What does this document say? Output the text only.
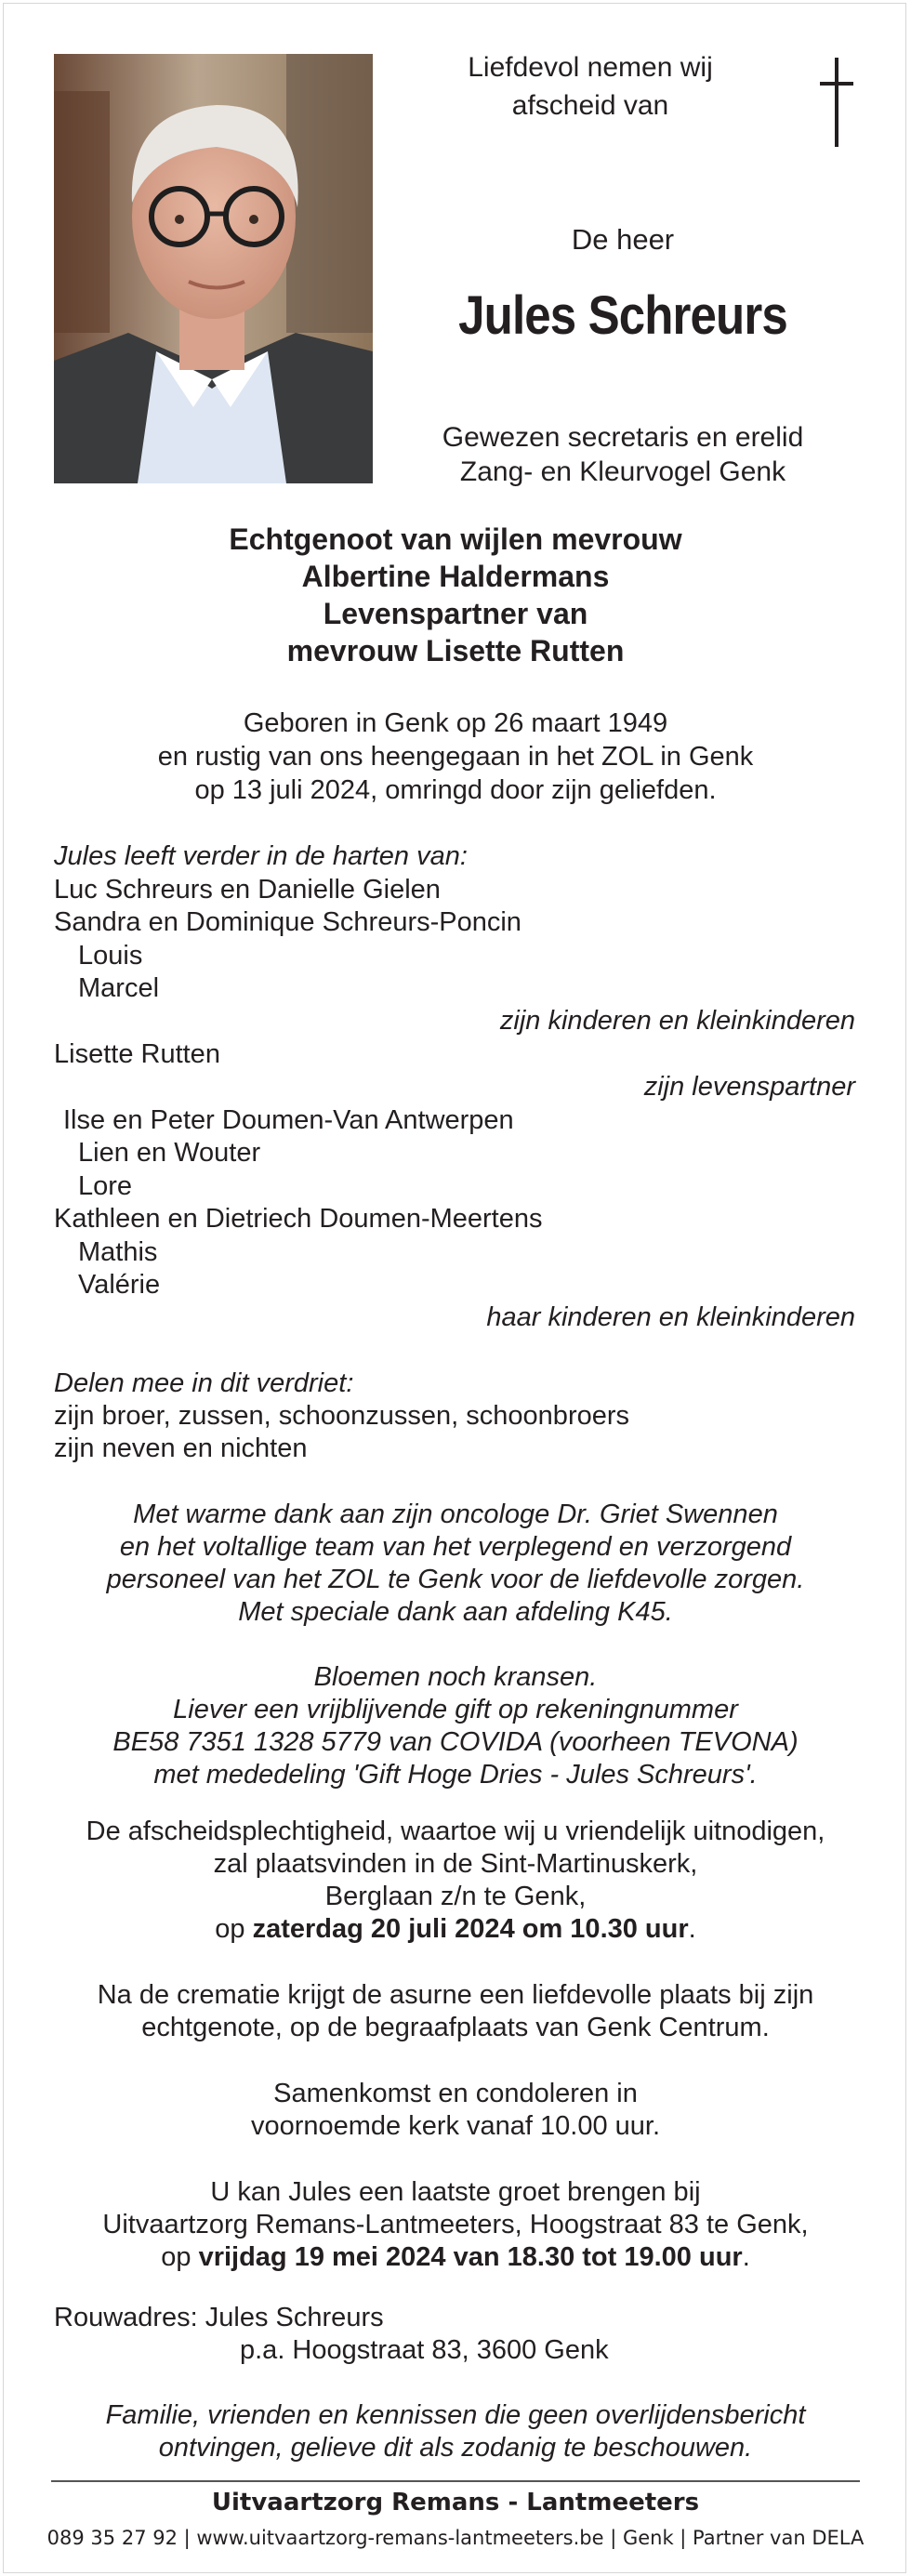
Liefdevol nemen wij
afscheid van
De heer
Jules Schreurs
Gewezen secretaris en erelid
Zang- en Kleurvogel Genk
Echtgenoot van wijlen mevrouw
Albertine Haldermans
Levenspartner van
mevrouw Lisette Rutten
Geboren in Genk op 26 maart 1949
en rustig van ons heengegaan in het ZOL in Genk
op 13 juli 2024, omringd door zijn geliefden.
Jules leeft verder in de harten van:
Luc Schreurs en Danielle Gielen
Sandra en Dominique Schreurs-Poncin
Louis
Marcel
zijn kinderen en kleinkinderen
Lisette Rutten
zijn levenspartner
Ilse en Peter Doumen-Van Antwerpen
Lien en Wouter
Lore
Kathleen en Dietriech Doumen-Meertens
Mathis
Valérie
haar kinderen en kleinkinderen
Delen mee in dit verdriet:
zijn broer, zussen, schoonzussen, schoonbroers
zijn neven en nichten
Met warme dank aan zijn oncologe Dr. Griet Swennen
en het voltallige team van het verplegend en verzorgend
personeel van het ZOL te Genk voor de liefdevolle zorgen.
Met speciale dank aan afdeling K45.
Bloemen noch kransen.
Liever een vrijblijvende gift op rekeningnummer
BE58 7351 1328 5779 van COVIDA (voorheen TEVONA)
met mededeling 'Gift Hoge Dries - Jules Schreurs'.
De afscheidsplechtigheid, waartoe wij u vriendelijk uitnodigen,
zal plaatsvinden in de Sint-Martinuskerk,
Berglaan z/n te Genk,
op zaterdag 20 juli 2024 om 10.30 uur.
Na de crematie krijgt de asurne een liefdevolle plaats bij zijn
echtgenote, op de begraafplaats van Genk Centrum.
Samenkomst en condoleren in
voornoemde kerk vanaf 10.00 uur.
U kan Jules een laatste groet brengen bij
Uitvaartzorg Remans-Lantmeeters, Hoogstraat 83 te Genk,
op vrijdag 19 mei 2024 van 18.30 tot 19.00 uur.
Rouwadres: Jules Schreurs
p.a. Hoogstraat 83, 3600 Genk
Familie, vrienden en kennissen die geen overlijdensbericht
ontvingen, gelieve dit als zodanig te beschouwen.
Uitvaartzorg Remans - Lantmeeters
089 35 27 92 | www.uitvaartzorg-remans-lantmeeters.be | Genk | Partner van DELA
